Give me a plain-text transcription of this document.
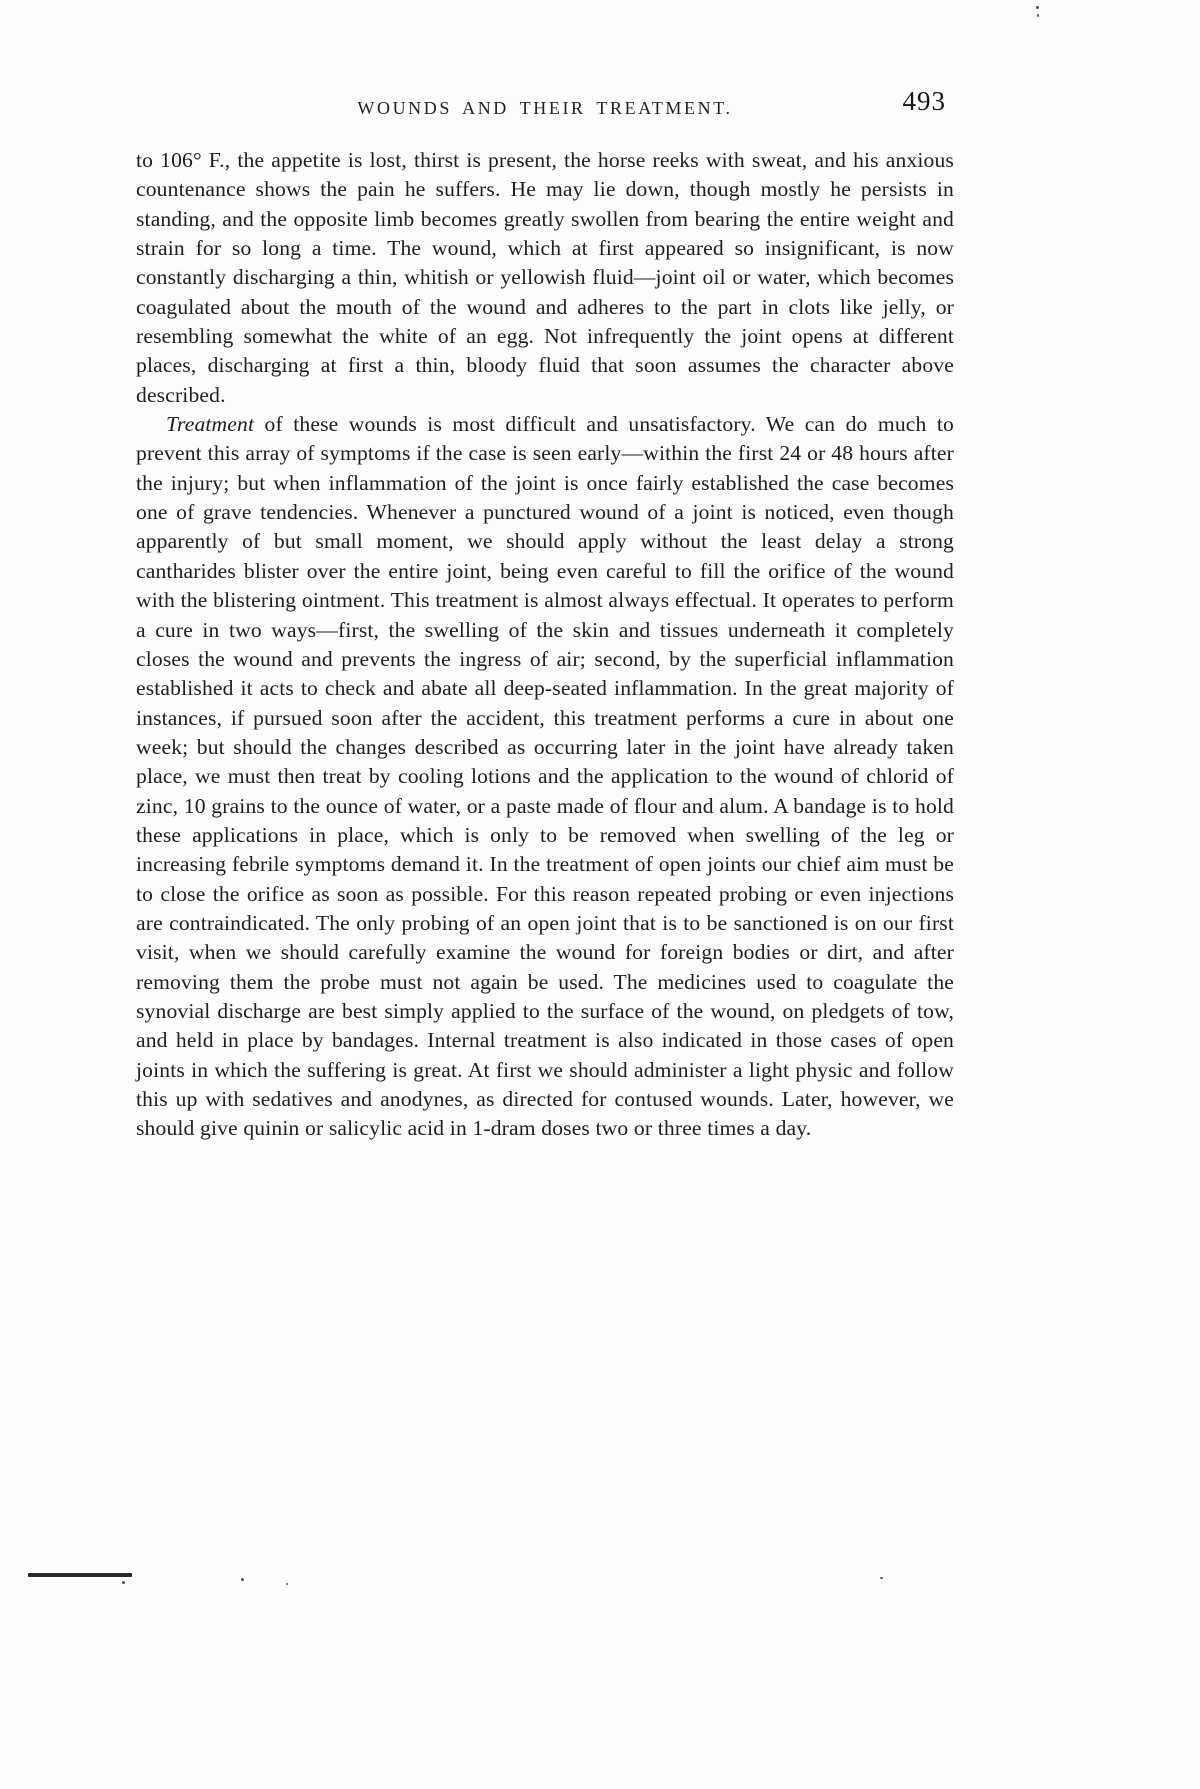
WOUNDS AND THEIR TREATMENT.	493

to 106° F., the appetite is lost, thirst is present, the horse reeks with sweat, and his anxious countenance shows the pain he suffers. He may lie down, though mostly he persists in standing, and the opposite limb becomes greatly swollen from bearing the entire weight and strain for so long a time. The wound, which at first appeared so insignificant, is now constantly discharging a thin, whitish or yellowish fluid—joint oil or water, which becomes coagulated about the mouth of the wound and adheres to the part in clots like jelly, or resembling somewhat the white of an egg. Not infrequently the joint opens at different places, discharging at first a thin, bloody fluid that soon assumes the character above described.

Treatment of these wounds is most difficult and unsatisfactory. We can do much to prevent this array of symptoms if the case is seen early—within the first 24 or 48 hours after the injury; but when inflammation of the joint is once fairly established the case becomes one of grave tendencies. Whenever a punctured wound of a joint is noticed, even though apparently of but small moment, we should apply without the least delay a strong cantharides blister over the entire joint, being even careful to fill the orifice of the wound with the blistering ointment. This treatment is almost always effectual. It operates to perform a cure in two ways—first, the swelling of the skin and tissues underneath it completely closes the wound and prevents the ingress of air; second, by the superficial inflammation established it acts to check and abate all deep-seated inflammation. In the great majority of instances, if pursued soon after the accident, this treatment performs a cure in about one week; but should the changes described as occurring later in the joint have already taken place, we must then treat by cooling lotions and the application to the wound of chlorid of zinc, 10 grains to the ounce of water, or a paste made of flour and alum. A bandage is to hold these applications in place, which is only to be removed when swelling of the leg or increasing febrile symptoms demand it. In the treatment of open joints our chief aim must be to close the orifice as soon as possible. For this reason repeated probing or even injections are contraindicated. The only probing of an open joint that is to be sanctioned is on our first visit, when we should carefully examine the wound for foreign bodies or dirt, and after removing them the probe must not again be used. The medicines used to coagulate the synovial discharge are best simply applied to the surface of the wound, on pledgets of tow, and held in place by bandages. Internal treatment is also indicated in those cases of open joints in which the suffering is great. At first we should administer a light physic and follow this up with sedatives and anodynes, as directed for contused wounds. Later, however, we should give quinin or salicylic acid in 1-dram doses two or three times a day.
